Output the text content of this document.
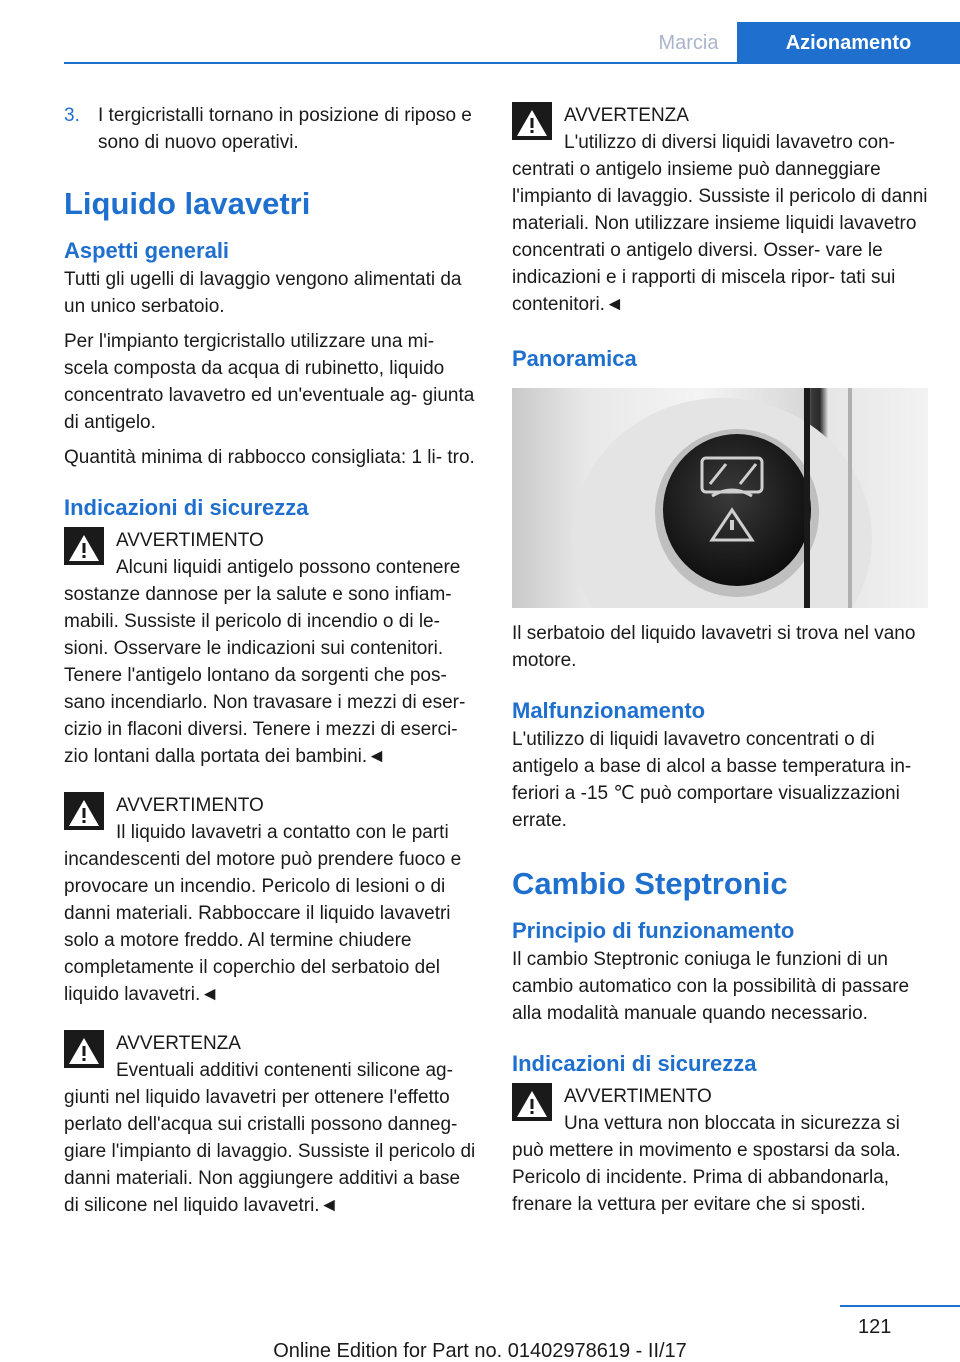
Marcia	Azionamento
3. I tergicristalli tornano in posizione di riposo e sono di nuovo operativi.
Liquido lavavetri
Aspetti generali

Tutti gli ugelli di lavaggio vengono alimentati da un unico serbatoio.

Per l'impianto tergicristallo utilizzare una mi‐ scela composta da acqua di rubinetto, liquido concentrato lavavetro ed un'eventuale ag‐ giunta di antigelo.

Quantità minima di rabbocco consigliata: 1 li‐ tro.

Indicazioni di sicurezza
AVVERTIMENTO
Alcuni liquidi antigelo possono contenere
sostanze dannose per la salute e sono infiam‐ mabili. Sussiste il pericolo di incendio o di le‐ sioni. Osservare le indicazioni sui contenitori. Tenere l'antigelo lontano da sorgenti che pos‐ sano incendiarlo. Non travasare i mezzi di eser‐ cizio in flaconi diversi. Tenere i mezzi di eserci‐ zio lontani dalla portata dei bambini.◄
AVVERTIMENTO
Il liquido lavavetri a contatto con le parti
incandescenti del motore può prendere fuoco e provocare un incendio. Pericolo di lesioni o di danni materiali. Rabboccare il liquido lavavetri solo a motore freddo. Al termine chiudere completamente il coperchio del serbatoio del liquido lavavetri.◄
AVVERTENZA
Eventuali additivi contenenti silicone ag‐
giunti nel liquido lavavetri per ottenere l'effetto perlato dell'acqua sui cristalli possono danneg‐ giare l'impianto di lavaggio. Sussiste il pericolo di danni materiali. Non aggiungere additivi a base di silicone nel liquido lavavetri.◄
AVVERTENZA
L'utilizzo di diversi liquidi lavavetro con‐
centrati o antigelo insieme può danneggiare l'impianto di lavaggio. Sussiste il pericolo di danni materiali. Non utilizzare insieme liquidi lavavetro concentrati o antigelo diversi. Osser‐ vare le indicazioni e i rapporti di miscela ripor‐ tati sui contenitori.◄
Panoramica

Il serbatoio del liquido lavavetri si trova nel vano motore.

Malfunzionamento

L'utilizzo di liquidi lavavetro concentrati o di antigelo a base di alcol a basse temperatura in‐ feriori a ‑15 ℃ può comportare visualizzazioni errate.

Cambio Steptronic
Principio di funzionamento

Il cambio Steptronic coniuga le funzioni di un cambio automatico con la possibilità di passare alla modalità manuale quando necessario.

Indicazioni di sicurezza
AVVERTIMENTO
Una vettura non bloccata in sicurezza si
può mettere in movimento e spostarsi da sola. Pericolo di incidente. Prima di abbandonarla, frenare la vettura per evitare che si sposti.
121
Online Edition for Part no. 01402978619 - II/17
